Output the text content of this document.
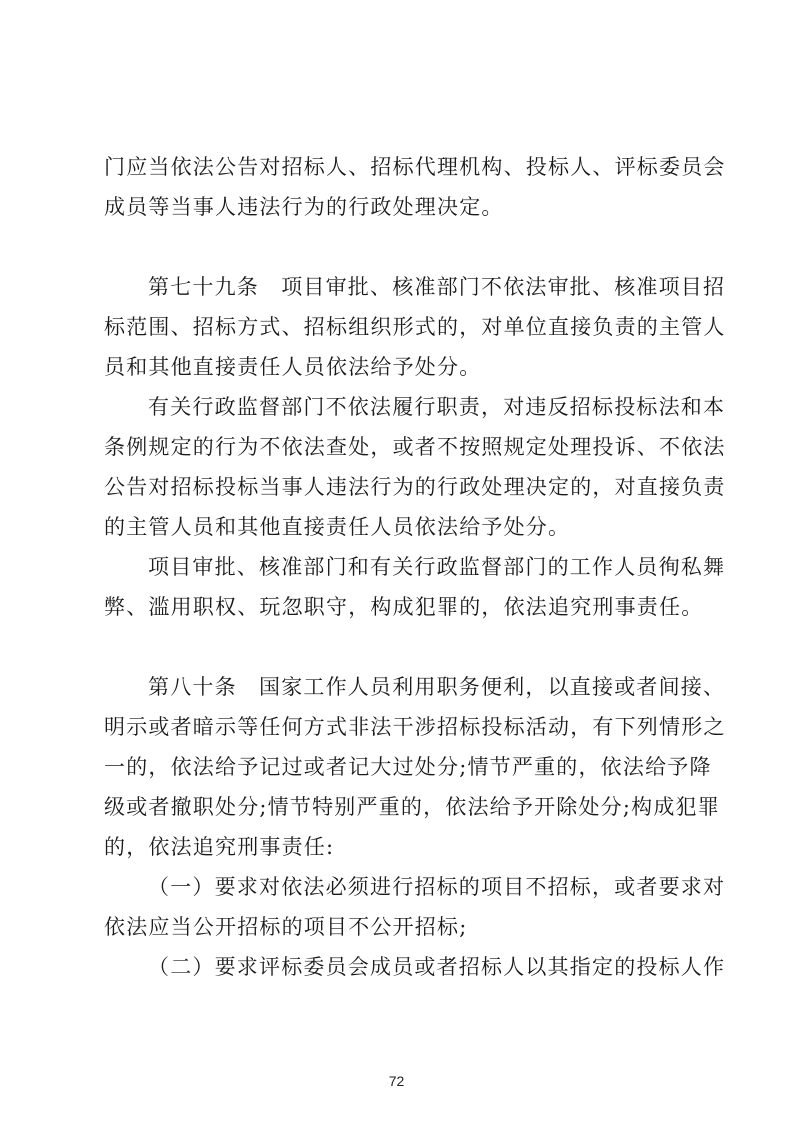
门应当依法公告对招标人、招标代理机构、投标人、评标委员会
成员等当事人违法行为的行政处理决定。
第七十九条　项目审批、核准部门不依法审批、核准项目招
标范围、招标方式、招标组织形式的，对单位直接负责的主管人
员和其他直接责任人员依法给予处分。
有关行政监督部门不依法履行职责，对违反招标投标法和本
条例规定的行为不依法查处，或者不按照规定处理投诉、不依法
公告对招标投标当事人违法行为的行政处理决定的，对直接负责
的主管人员和其他直接责任人员依法给予处分。
项目审批、核准部门和有关行政监督部门的工作人员徇私舞
弊、滥用职权、玩忽职守，构成犯罪的，依法追究刑事责任。
第八十条　国家工作人员利用职务便利，以直接或者间接、
明示或者暗示等任何方式非法干涉招标投标活动，有下列情形之
一的，依法给予记过或者记大过处分;情节严重的，依法给予降
级或者撤职处分;情节特别严重的，依法给予开除处分;构成犯罪
的，依法追究刑事责任:
（一）要求对依法必须进行招标的项目不招标，或者要求对
依法应当公开招标的项目不公开招标;
（二）要求评标委员会成员或者招标人以其指定的投标人作
72
